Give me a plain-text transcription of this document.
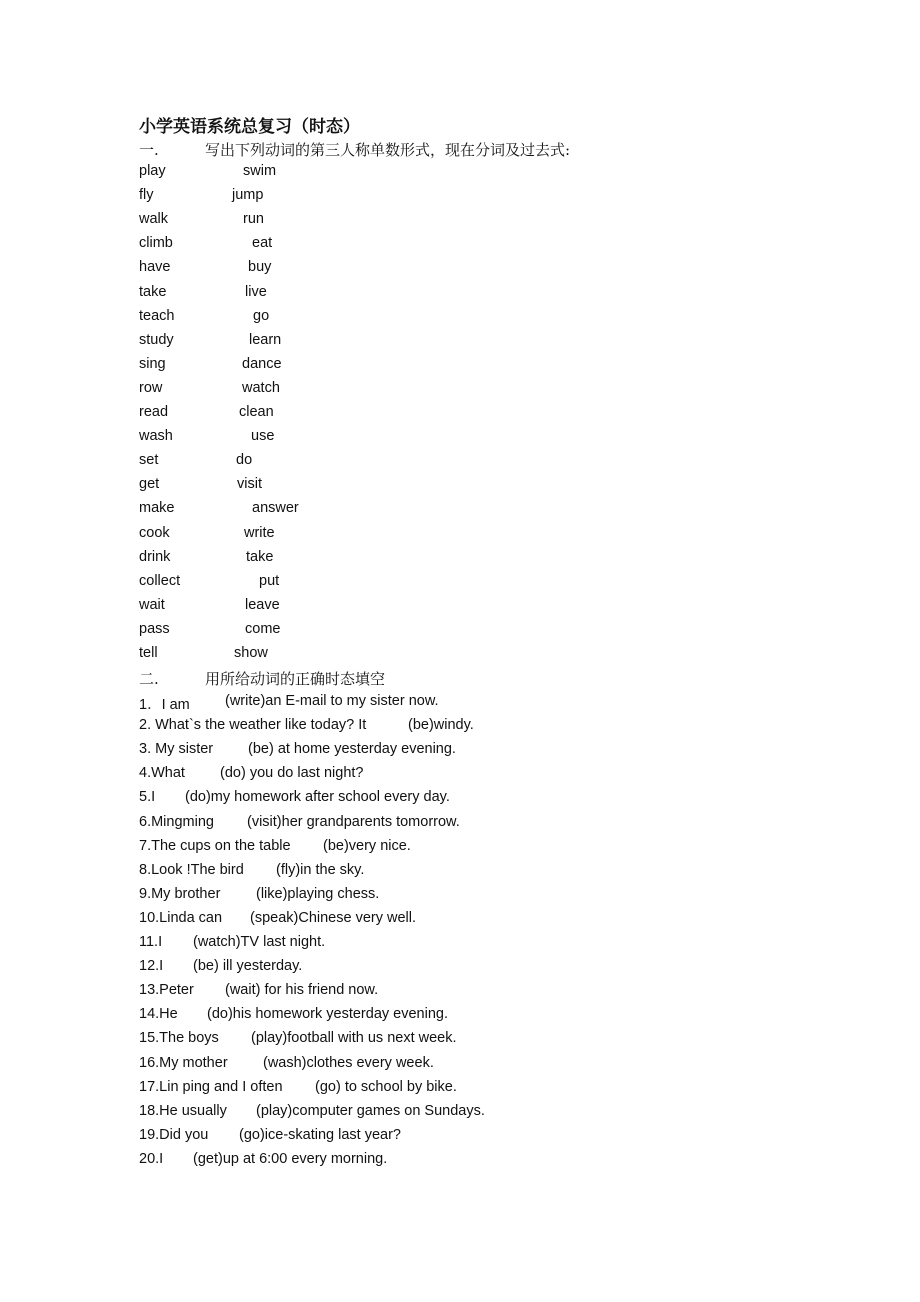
小学英语系统总复习（时态）
一.	写出下列动词的第三人称单数形式，现在分词及过去式:
play	swim
fly	jump
walk	run
climb	eat
have	buy
take	live
teach	go
study	learn
sing	dance
row	watch
read	clean
wash	use
set	do
get	visit
make	answer
cook	write
drink	take
collect	put
wait	leave
pass	come
tell	show
二.	用所给动词的正确时态填空
1．I am (write)an E-mail to my sister now.
2. What`s the weather like today? It	(be)windy.
3. My sister (be) at home yesterday evening.
4.What (do) you do last night?
5.I (do)my homework after school every day.
6.Mingming (visit)her grandparents tomorrow.
7.The cups on the table (be)very nice.
8.Look !The bird (fly)in the sky.
9.My brother (like)playing chess.
10.Linda can (speak)Chinese very well.
11.I (watch)TV last night.
12.I (be) ill yesterday.
13.Peter (wait) for his friend now.
14.He (do)his homework yesterday evening.
15.The boys (play)football with us next week.
16.My mother (wash)clothes every week.
17.Lin ping and I often (go) to school by bike.
18.He usually (play)computer games on Sundays.
19.Did you (go)ice-skating last year?
20.I (get)up at 6:00 every morning.
